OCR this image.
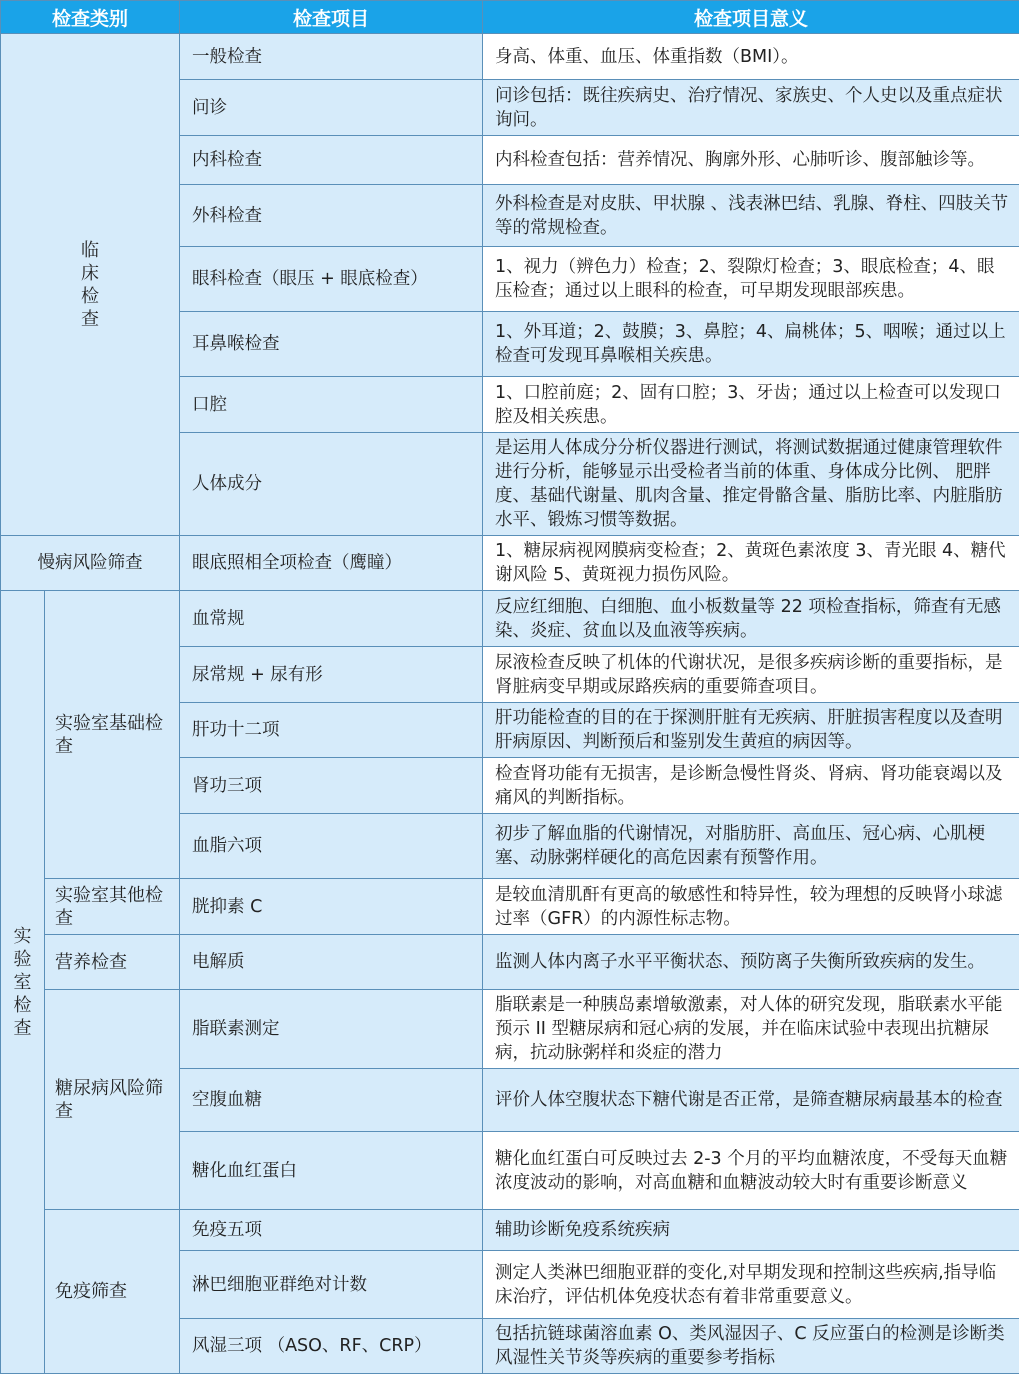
检查类别		检查项目	检查项目意义
临床检查		一般检查	身高、体重、血压、体重指数（BMI）。
		问诊	问诊包括：既往疾病史、治疗情况、家族史、个人史以及重点症状询问。
		内科检查	内科检查包括：营养情况、胸廓外形、心肺听诊、腹部触诊等。
		外科检查	外科检查是对皮肤、甲状腺 、浅表淋巴结、乳腺、脊柱、四肢关节等的常规检查。
		眼科检查（眼压 + 眼底检查）	1、视力（辨色力）检查；2、裂隙灯检查；3、眼底检查；4、眼压检查；通过以上眼科的检查，可早期发现眼部疾患。
		耳鼻喉检查	1、外耳道；2、鼓膜；3、鼻腔；4、扁桃体；5、咽喉；通过以上检查可发现耳鼻喉相关疾患。
		口腔	1、口腔前庭；2、固有口腔；3、牙齿；通过以上检查可以发现口腔及相关疾患。
		人体成分	是运用人体成分分析仪器进行测试，将测试数据通过健康管理软件进行分析，能够显示出受检者当前的体重、身体成分比例、 肥胖度、基础代谢量、肌肉含量、推定骨骼含量、脂肪比率、内脏脂肪 水平、锻炼习惯等数据。
慢病风险筛查		眼底照相全项检查（鹰瞳）	1、糖尿病视网膜病变检查；2、黄斑色素浓度 3、青光眼 4、糖代谢风险 5、黄斑视力损伤风险。
实验室检查	实验室基础检查	血常规	反应红细胞、白细胞、血小板数量等 22 项检查指标，筛查有无感染、炎症、贫血以及血液等疾病。
		尿常规 + 尿有形	尿液检查反映了机体的代谢状况，是很多疾病诊断的重要指标，是肾脏病变早期或尿路疾病的重要筛查项目。
		肝功十二项	肝功能检查的目的在于探测肝脏有无疾病、肝脏损害程度以及查明肝病原因、判断预后和鉴别发生黄疸的病因等。
		肾功三项	检查肾功能有无损害，是诊断急慢性肾炎、肾病、肾功能衰竭以及痛风的判断指标。
		血脂六项	初步了解血脂的代谢情况，对脂肪肝、高血压、冠心病、心肌梗塞、动脉粥样硬化的高危因素有预警作用。
	实验室其他检查	胱抑素 C	是较血清肌酐有更高的敏感性和特异性，较为理想的反映肾小球滤过率（GFR）的内源性标志物。
	营养检查	电解质	监测人体内离子水平平衡状态、预防离子失衡所致疾病的发生。
	糖尿病风险筛查	脂联素测定	脂联素是一种胰岛素增敏激素，对人体的研究发现，脂联素水平能预示 II 型糖尿病和冠心病的发展，并在临床试验中表现出抗糖尿病，抗动脉粥样和炎症的潜力
		空腹血糖	评价人体空腹状态下糖代谢是否正常，是筛查糖尿病最基本的检查
		糖化血红蛋白	糖化血红蛋白可反映过去 2-3 个月的平均血糖浓度，不受每天血糖浓度波动的影响，对高血糖和血糖波动较大时有重要诊断意义
	免疫筛查	免疫五项	辅助诊断免疫系统疾病
		淋巴细胞亚群绝对计数	测定人类淋巴细胞亚群的变化,对早期发现和控制这些疾病,指导临床治疗，评估机体免疫状态有着非常重要意义。
		风湿三项 （ASO、RF、CRP）	包括抗链球菌溶血素 O、类风湿因子、C 反应蛋白的检测是诊断类风湿性关节炎等疾病的重要参考指标
